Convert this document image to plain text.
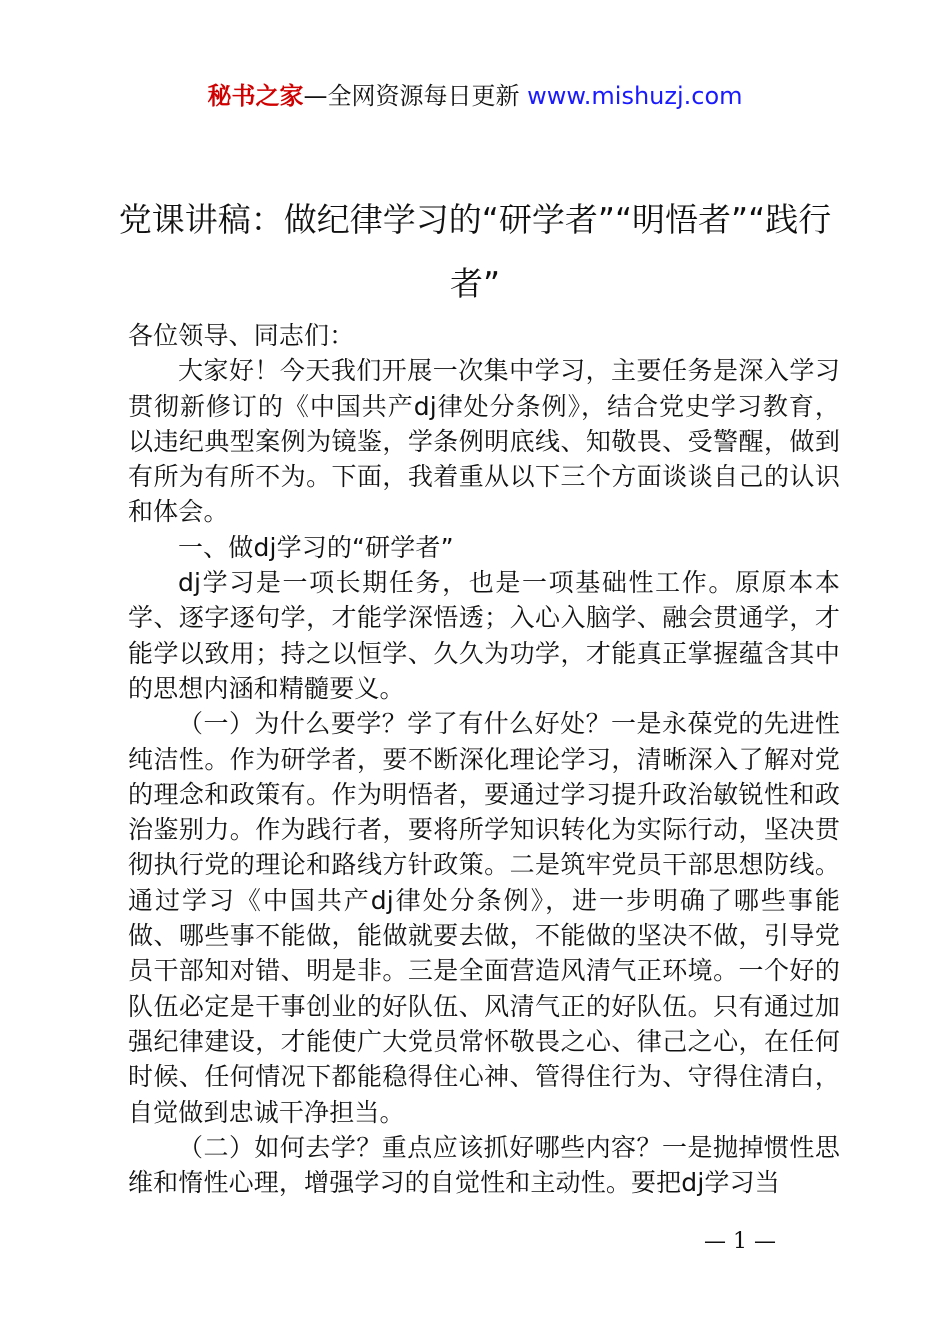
秘书之家—全网资源每日更新 www.mishuzj.com
党课讲稿：做纪律学习的“研学者”“明悟者”“践行者”

各位领导、同志们：

大家好！今天我们开展一次集中学习，主要任务是深入学习贯彻新修订的《中国共产dj律处分条例》，结合党史学习教育，以违纪典型案例为镜鉴，学条例明底线、知敬畏、受警醒，做到有所为有所不为。下面，我着重从以下三个方面谈谈自己的认识和体会。

一、做dj学习的“研学者”

dj学习是一项长期任务，也是一项基础性工作。原原本本学、逐字逐句学，才能学深悟透；入心入脑学、融会贯通学，才能学以致用；持之以恒学、久久为功学，才能真正掌握蕴含其中的思想内涵和精髓要义。

（一）为什么要学？学了有什么好处？一是永葆党的先进性纯洁性。作为研学者，要不断深化理论学习，清晰深入了解对党的理念和政策有。作为明悟者，要通过学习提升政治敏锐性和政治鉴别力。作为践行者，要将所学知识转化为实际行动，坚决贯彻执行党的理论和路线方针政策。二是筑牢党员干部思想防线。通过学习《中国共产dj律处分条例》，进一步明确了哪些事能做、哪些事不能做，能做就要去做，不能做的坚决不做，引导党员干部知对错、明是非。三是全面营造风清气正环境。一个好的队伍必定是干事创业的好队伍、风清气正的好队伍。只有通过加强纪律建设，才能使广大党员常怀敬畏之心、律己之心，在任何时候、任何情况下都能稳得住心神、管得住行为、守得住清白，自觉做到忠诚干净担当。

（二）如何去学？重点应该抓好哪些内容？一是抛掉惯性思维和惰性心理，增强学习的自觉性和主动性。要把dj学习当

— 1 —
